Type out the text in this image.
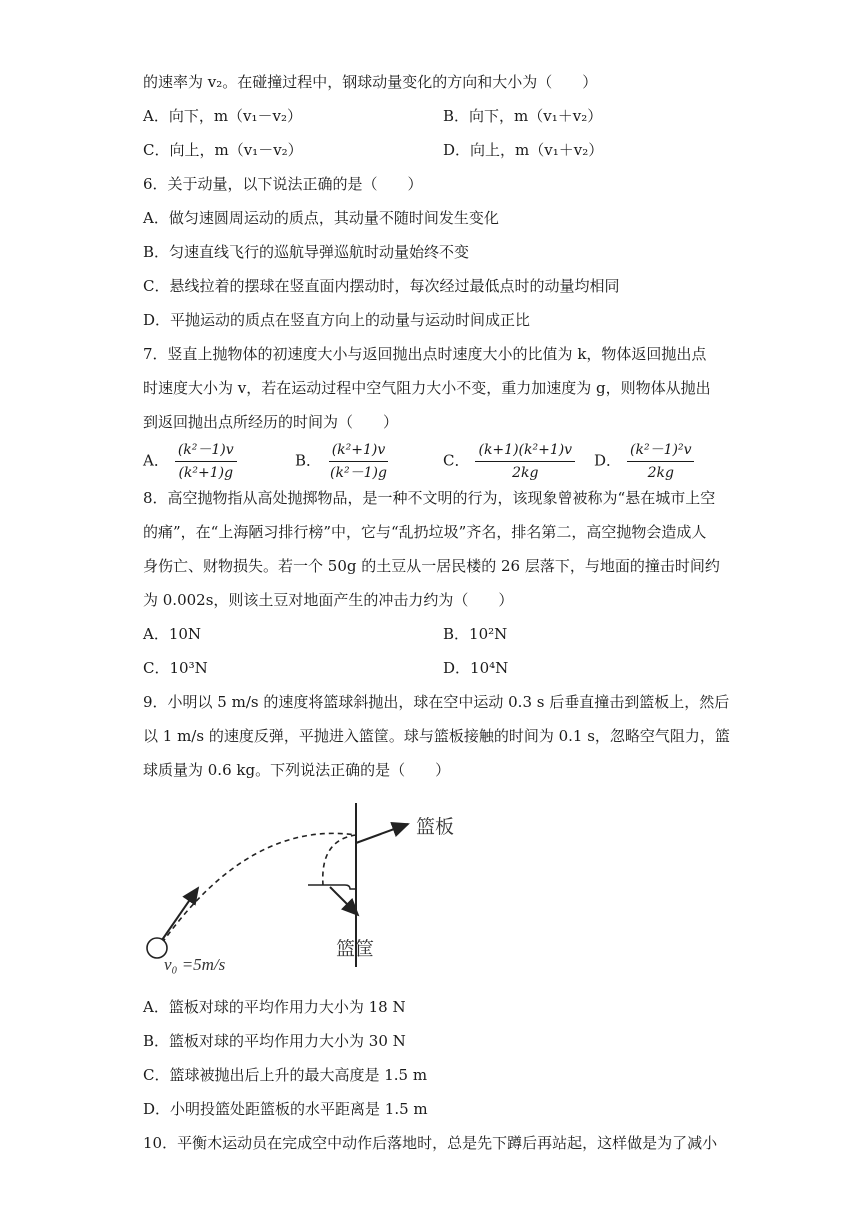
的速率为 v₂。在碰撞过程中，钢球动量变化的方向和大小为（　　）
A．向下，m（v₁－v₂）	B．向下，m（v₁＋v₂）
C．向上，m（v₁－v₂）	D．向上，m（v₁＋v₂）
6．关于动量，以下说法正确的是（　　）
A．做匀速圆周运动的质点，其动量不随时间发生变化
B．匀速直线飞行的巡航导弹巡航时动量始终不变
C．悬线拉着的摆球在竖直面内摆动时，每次经过最低点时的动量均相同
D．平抛运动的质点在竖直方向上的动量与运动时间成正比
7．竖直上抛物体的初速度大小与返回抛出点时速度大小的比值为 k，物体返回抛出点
时速度大小为 v，若在运动过程中空气阻力大小不变，重力加速度为 g，则物体从抛出
到返回抛出点所经历的时间为（　　）
A． $\frac{\text{(k²－1)v}}{\text{(k²+1)g}}$	B． $\frac{\text{(k²+1)v}}{\text{(k²－1)g}}$	C． $\frac{\text{(k+1)(k²+1)v}}{2kg}$ D． $\frac{\text{(k²－1)²v}}{2kg}$
8．高空抛物指从高处抛掷物品，是一种不文明的行为，该现象曾被称为“悬在城市上空
的痛”，在“上海陋习排行榜”中，它与“乱扔垃圾”齐名，排名第二，高空抛物会造成人
身伤亡、财物损失。若一个 50g 的土豆从一居民楼的 26 层落下，与地面的撞击时间约
为 0.002s，则该土豆对地面产生的冲击力约为（　　）
A．10N	B．10²N
C．10³N	D．10⁴N
9．小明以 5 m/s 的速度将篮球斜抛出，球在空中运动 0.3 s 后垂直撞击到篮板上，然后
以 1 m/s 的速度反弹，平抛进入篮筐。球与篮板接触的时间为 0.1 s，忽略空气阻力，篮
球质量为 0.6 kg。下列说法正确的是（　　）
篮板
篮筐
v₀ =5m/s
A．篮板对球的平均作用力大小为 18 N
B．篮板对球的平均作用力大小为 30 N
C．篮球被抛出后上升的最大高度是 1.5 m
D．小明投篮处距篮板的水平距离是 1.5 m
10．平衡木运动员在完成空中动作后落地时，总是先下蹲后再站起，这样做是为了减小
